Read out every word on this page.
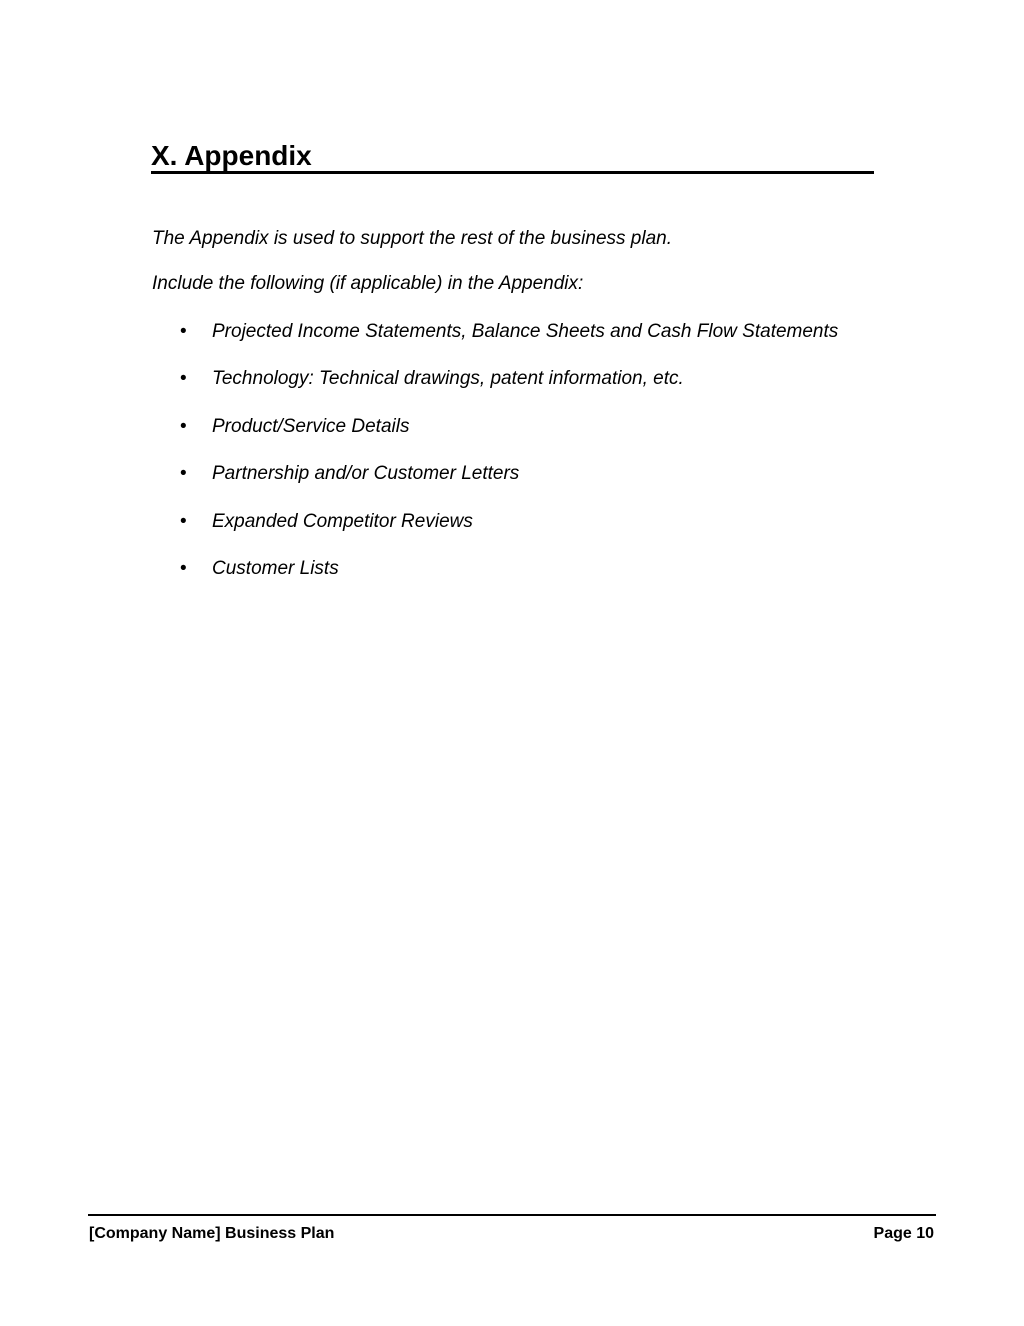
X. Appendix
The Appendix is used to support the rest of the business plan.
Include the following (if applicable) in the Appendix:
•	Projected Income Statements, Balance Sheets and Cash Flow Statements
•	Technology: Technical drawings, patent information, etc.
•	Product/Service Details
•	Partnership and/or Customer Letters
•	Expanded Competitor Reviews
•	Customer Lists
[Company Name] Business Plan	Page 10
